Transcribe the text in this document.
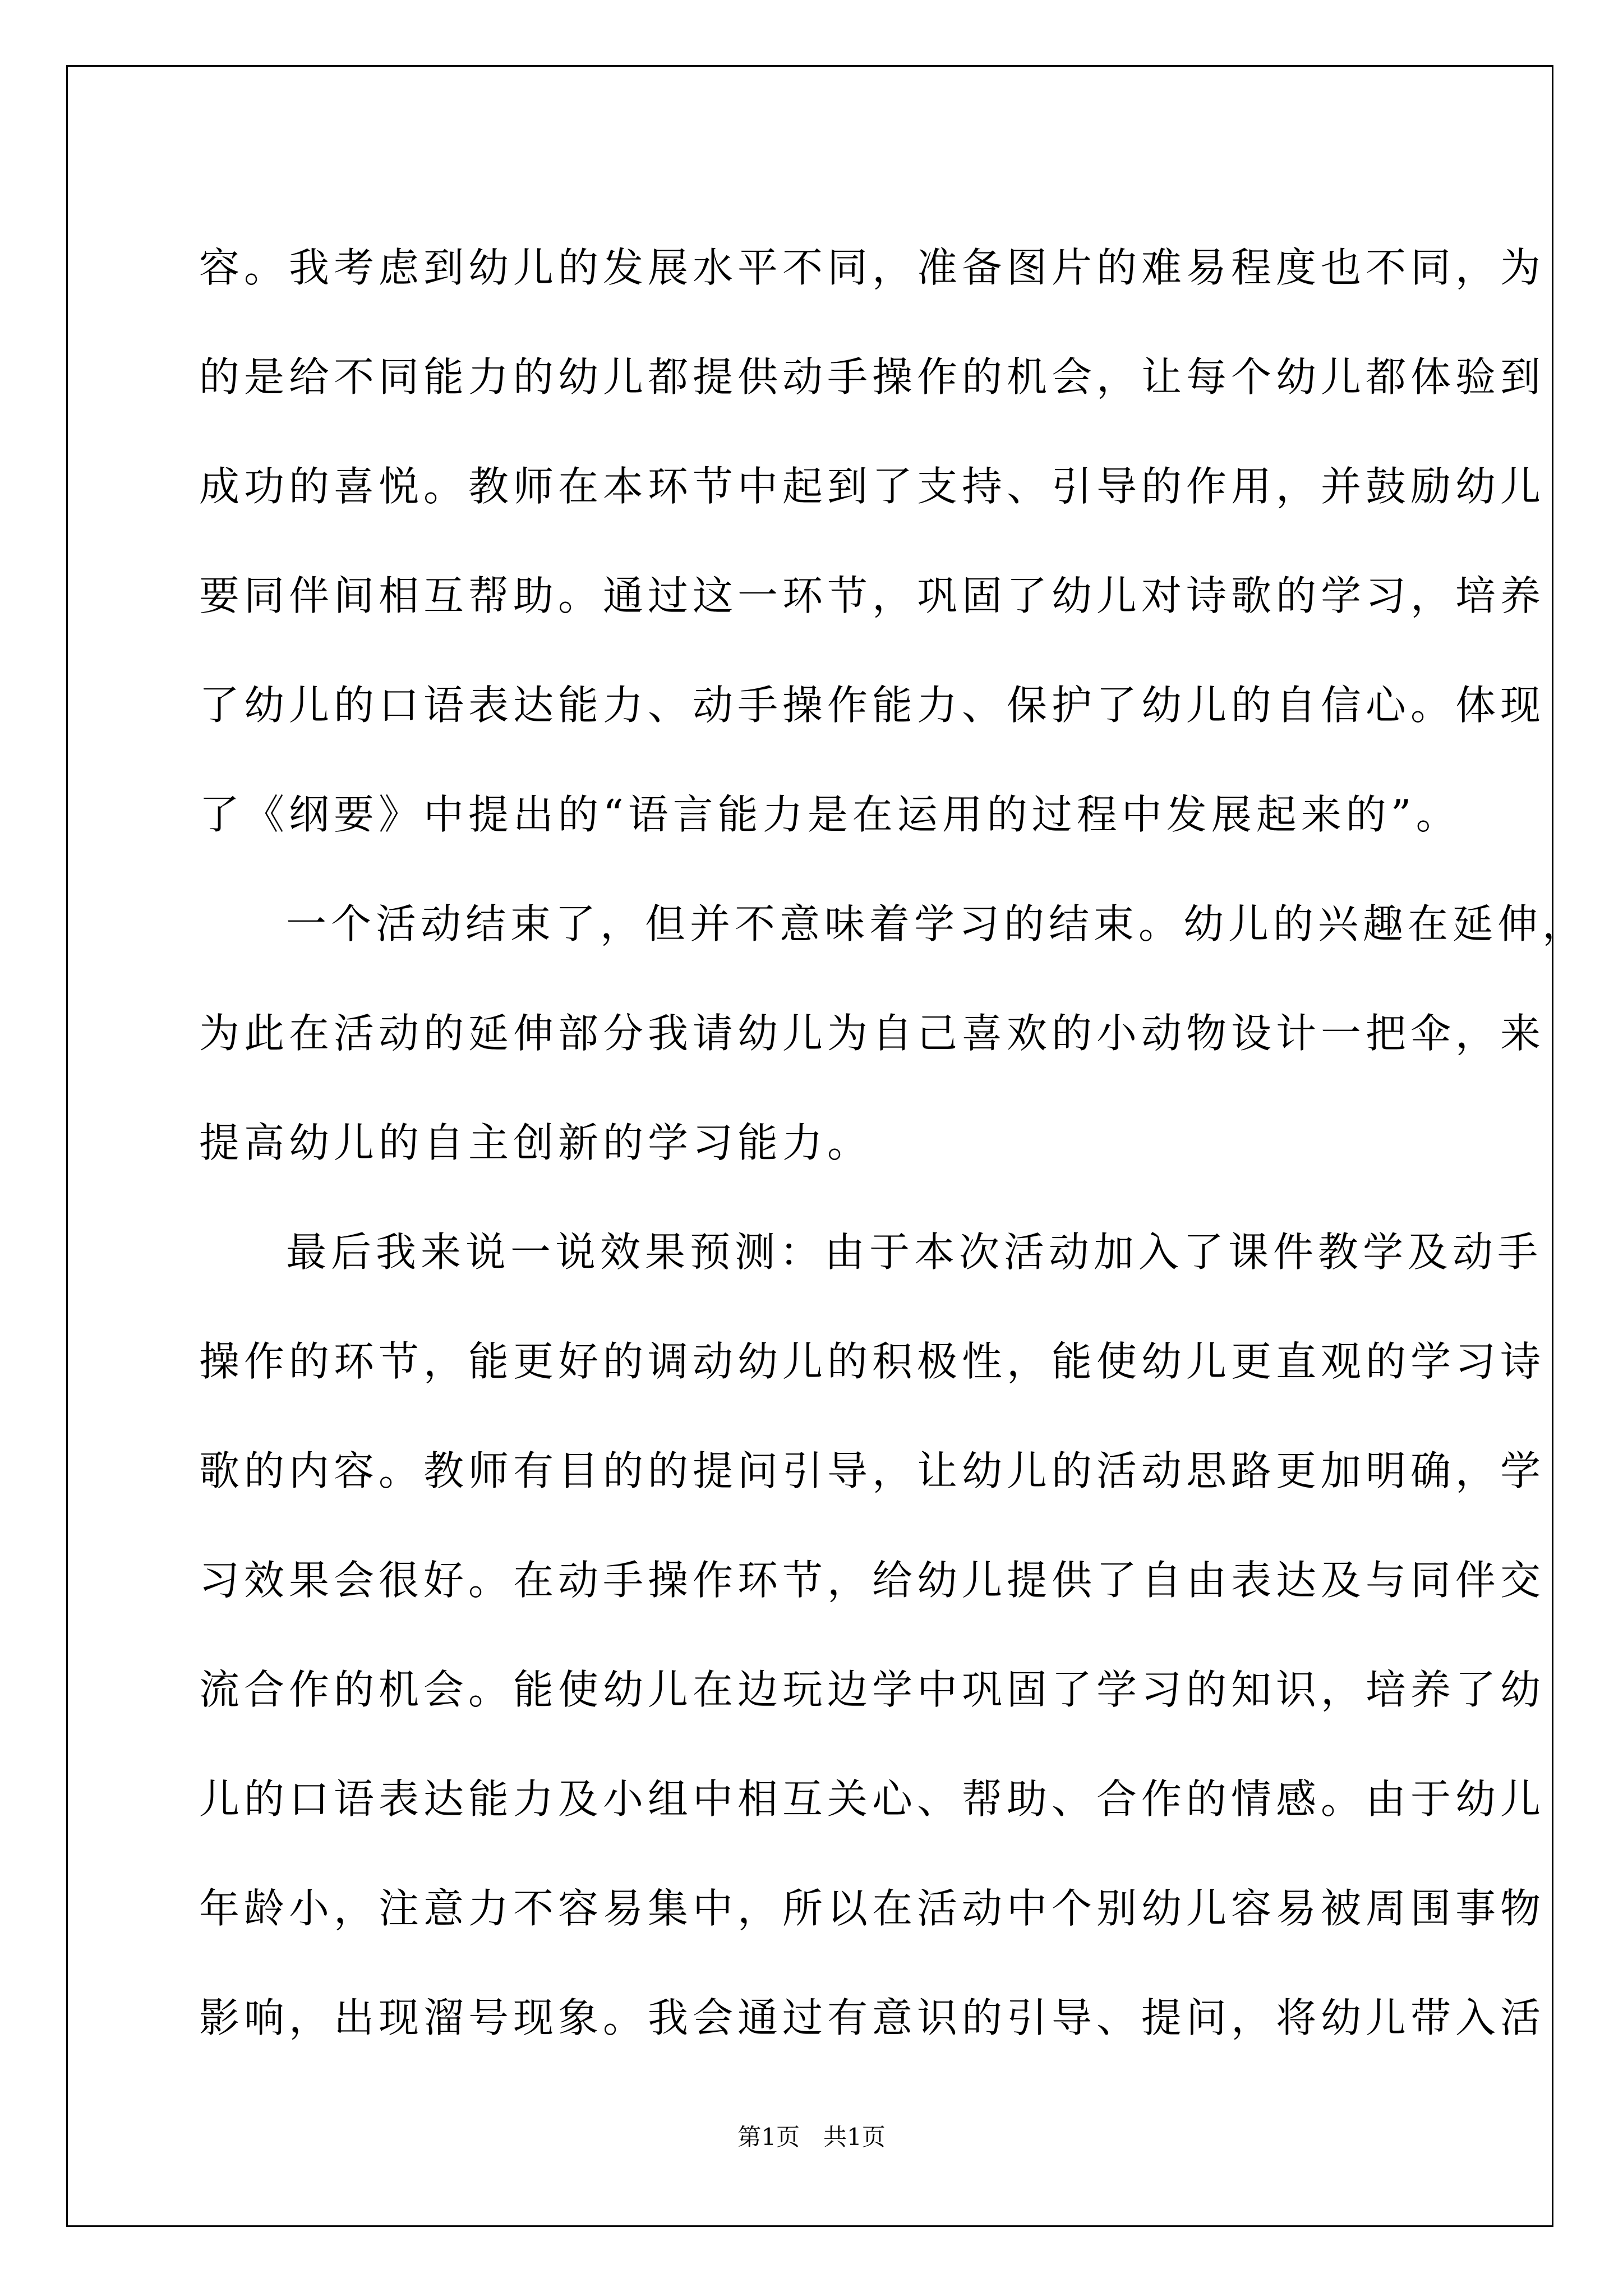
容。我考虑到幼儿的发展水平不同，准备图片的难易程度也不同，为
的是给不同能力的幼儿都提供动手操作的机会，让每个幼儿都体验到
成功的喜悦。教师在本环节中起到了支持、引导的作用，并鼓励幼儿
要同伴间相互帮助。通过这一环节，巩固了幼儿对诗歌的学习，培养
了幼儿的口语表达能力、动手操作能力、保护了幼儿的自信心。体现
了《纲要》中提出的“语言能力是在运用的过程中发展起来的”。
一个活动结束了，但并不意味着学习的结束。幼儿的兴趣在延伸，
为此在活动的延伸部分我请幼儿为自己喜欢的小动物设计一把伞，来
提高幼儿的自主创新的学习能力。
最后我来说一说效果预测：由于本次活动加入了课件教学及动手
操作的环节，能更好的调动幼儿的积极性，能使幼儿更直观的学习诗
歌的内容。教师有目的的提问引导，让幼儿的活动思路更加明确，学
习效果会很好。在动手操作环节，给幼儿提供了自由表达及与同伴交
流合作的机会。能使幼儿在边玩边学中巩固了学习的知识，培养了幼
儿的口语表达能力及小组中相互关心、帮助、合作的情感。由于幼儿
年龄小，注意力不容易集中，所以在活动中个别幼儿容易被周围事物
影响，出现溜号现象。我会通过有意识的引导、提问，将幼儿带入活
第1页　共1页
